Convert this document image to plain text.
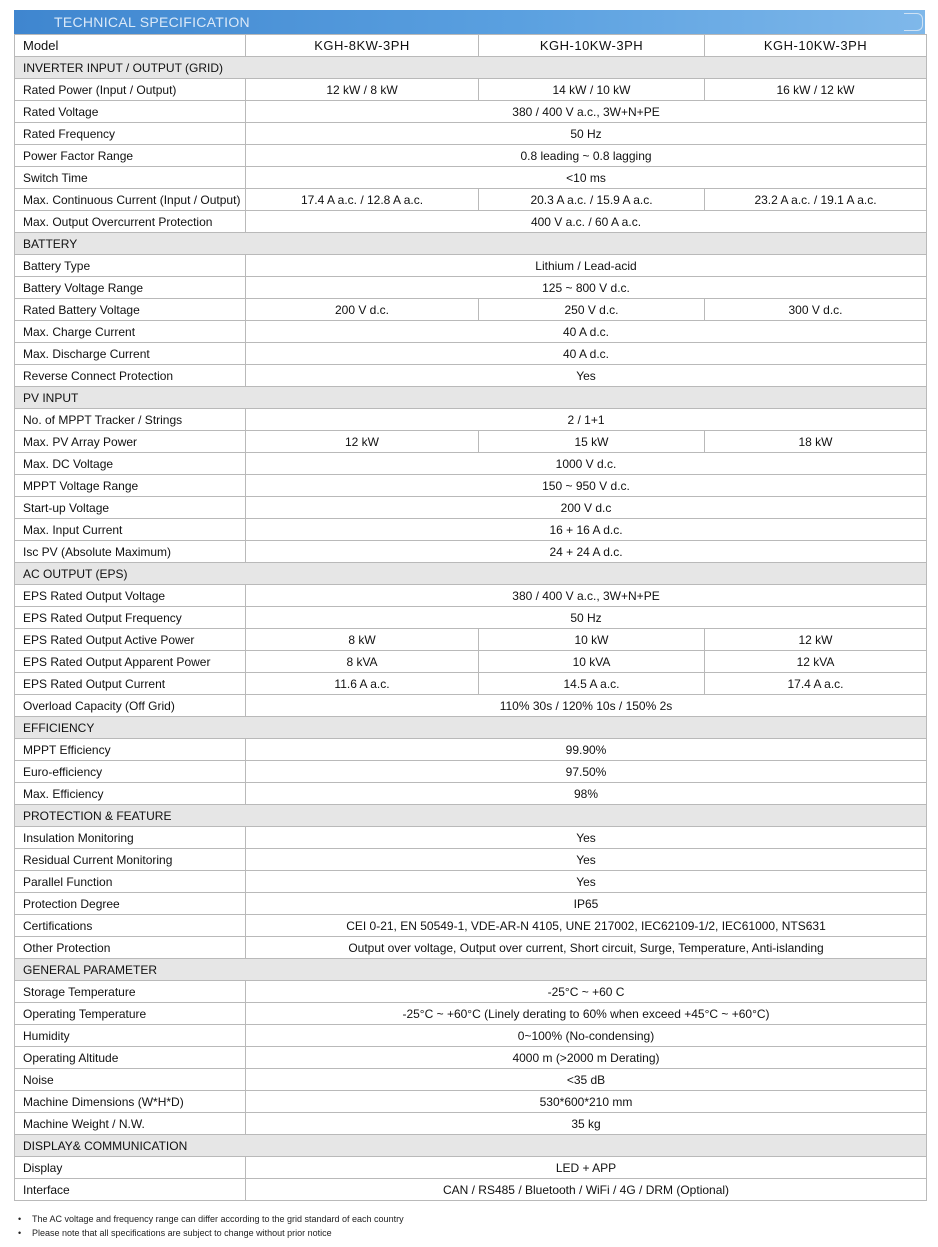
TECHNICAL SPECIFICATION
Model	KGH-8KW-3PH	KGH-10KW-3PH	KGH-10KW-3PH
INVERTER INPUT / OUTPUT (GRID)			
Rated Power (Input / Output)	12 kW / 8 kW	14 kW / 10 kW	16 kW / 12 kW
Rated Voltage	380 / 400 V a.c., 3W+N+PE		
Rated Frequency	50 Hz		
Power Factor Range	0.8 leading ~ 0.8 lagging		
Switch Time	<10 ms		
Max. Continuous Current (Input / Output)	17.4 A a.c. / 12.8 A a.c.	20.3 A a.c. / 15.9 A a.c.	23.2 A a.c. / 19.1 A a.c.
Max. Output Overcurrent Protection	400 V a.c. / 60 A a.c.		
BATTERY			
Battery Type	Lithium / Lead-acid		
Battery Voltage Range	125 ~ 800 V d.c.		
Rated Battery Voltage	200 V d.c.	250 V d.c.	300 V d.c.
Max. Charge Current	40 A d.c.		
Max. Discharge Current	40 A d.c.		
Reverse Connect Protection	Yes		
PV INPUT			
No. of MPPT Tracker / Strings	2 / 1+1		
Max. PV Array Power	12 kW	15 kW	18 kW
Max. DC Voltage	1000 V d.c.		
MPPT Voltage Range	150 ~ 950 V d.c.		
Start-up Voltage	200 V d.c		
Max. Input Current	16 + 16 A d.c.		
Isc PV (Absolute Maximum)	24 + 24 A d.c.		
AC OUTPUT (EPS)			
EPS Rated Output Voltage	380 / 400 V a.c., 3W+N+PE		
EPS Rated Output Frequency	50 Hz		
EPS Rated Output Active Power	8 kW	10 kW	12 kW
EPS Rated Output Apparent Power	8 kVA	10 kVA	12 kVA
EPS Rated Output Current	11.6 A a.c.	14.5 A a.c.	17.4 A a.c.
Overload Capacity (Off Grid)	110% 30s / 120% 10s / 150% 2s		
EFFICIENCY			
MPPT Efficiency	99.90%		
Euro-efficiency	97.50%		
Max. Efficiency	98%		
PROTECTION & FEATURE			
Insulation Monitoring	Yes		
Residual Current Monitoring	Yes		
Parallel Function	Yes		
Protection Degree	IP65		
Certifications	CEI 0-21, EN 50549-1, VDE-AR-N 4105, UNE 217002, IEC62109-1/2, IEC61000, NTS631		
Other Protection	Output over voltage, Output over current, Short circuit, Surge, Temperature, Anti-islanding		
GENERAL PARAMETER			
Storage Temperature	-25°C ~ +60 C		
Operating Temperature	-25°C ~ +60°C (Linely derating to 60% when exceed +45°C ~ +60°C)		
Humidity	0~100% (No-condensing)		
Operating Altitude	4000 m (>2000 m Derating)		
Noise	<35 dB		
Machine Dimensions (W*H*D)	530*600*210 mm		
Machine Weight / N.W.	35 kg		
DISPLAY& COMMUNICATION			
Display	LED + APP		
Interface	CAN / RS485 / Bluetooth / WiFi / 4G / DRM (Optional)		
• The AC voltage and frequency range can differ according to the grid standard of each country
• Please note that all specifications are subject to change without prior notice
